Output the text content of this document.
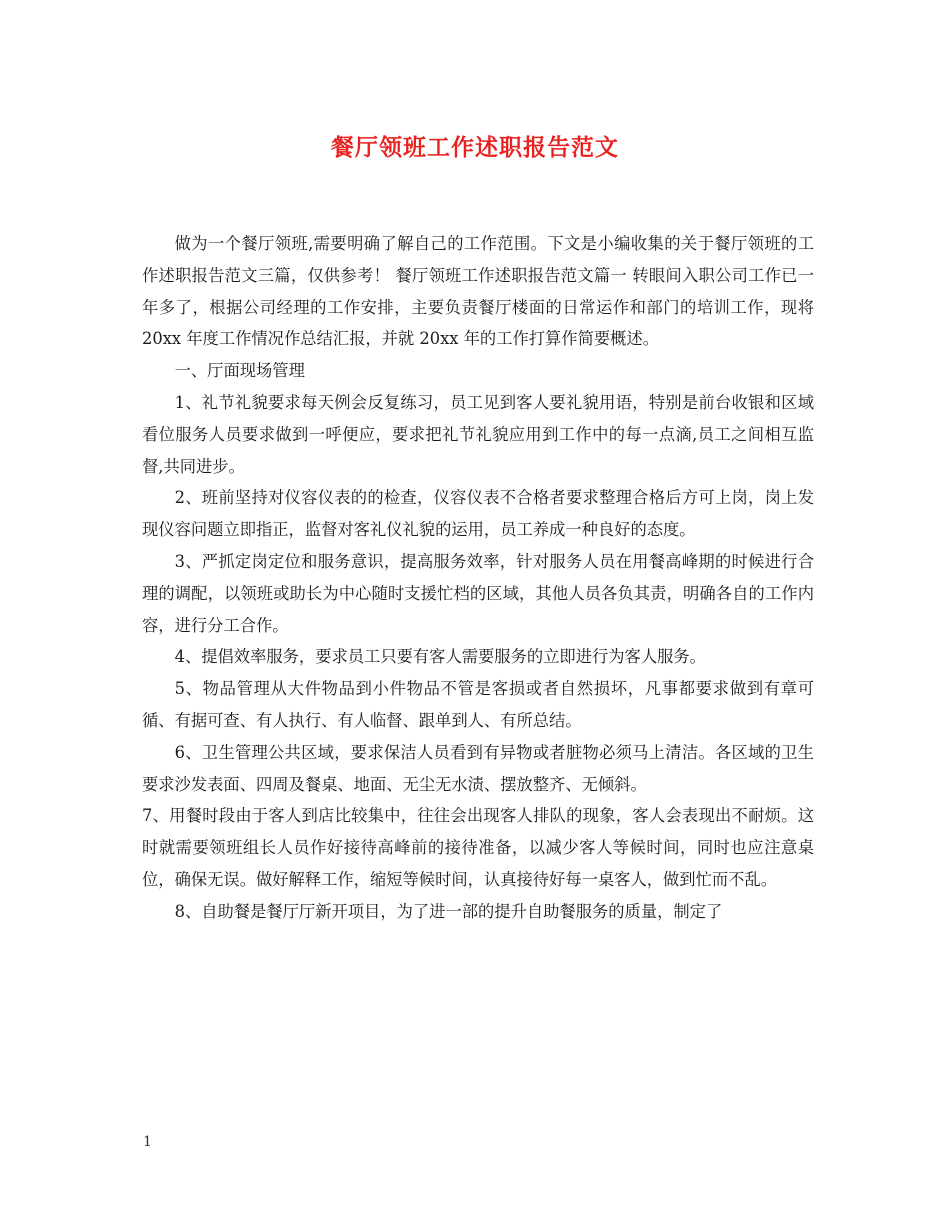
餐厅领班工作述职报告范文

做为一个餐厅领班,需要明确了解自己的工作范围。下文是小编收集的关于餐厅领班的工作述职报告范文三篇，仅供参考！ 餐厅领班工作述职报告范文篇一 转眼间入职公司工作已一年多了，根据公司经理的工作安排，主要负责餐厅楼面的日常运作和部门的培训工作，现将 20xx 年度工作情况作总结汇报，并就 20xx 年的工作打算作简要概述。

一、厅面现场管理

1、礼节礼貌要求每天例会反复练习，员工见到客人要礼貌用语，特别是前台收银和区域看位服务人员要求做到一呼便应，要求把礼节礼貌应用到工作中的每一点滴,员工之间相互监督,共同进步。

2、班前坚持对仪容仪表的的检查，仪容仪表不合格者要求整理合格后方可上岗，岗上发现仪容问题立即指正，监督对客礼仪礼貌的运用，员工养成一种良好的态度。

3、严抓定岗定位和服务意识，提高服务效率，针对服务人员在用餐高峰期的时候进行合理的调配，以领班或助长为中心随时支援忙档的区域，其他人员各负其责，明确各自的工作内容，进行分工合作。

4、提倡效率服务，要求员工只要有客人需要服务的立即进行为客人服务。

5、物品管理从大件物品到小件物品不管是客损或者自然损坏，凡事都要求做到有章可循、有据可查、有人执行、有人临督、跟单到人、有所总结。

6、卫生管理公共区域，要求保洁人员看到有异物或者脏物必须马上清洁。各区域的卫生要求沙发表面、四周及餐桌、地面、无尘无水渍、摆放整齐、无倾斜。

7、用餐时段由于客人到店比较集中，往往会出现客人排队的现象，客人会表现出不耐烦。这时就需要领班组长人员作好接待高峰前的接待准备，以减少客人等候时间，同时也应注意桌位，确保无误。做好解释工作，缩短等候时间，认真接待好每一桌客人，做到忙而不乱。

8、自助餐是餐厅厅新开项目，为了进一部的提升自助餐服务的质量，制定了

1
